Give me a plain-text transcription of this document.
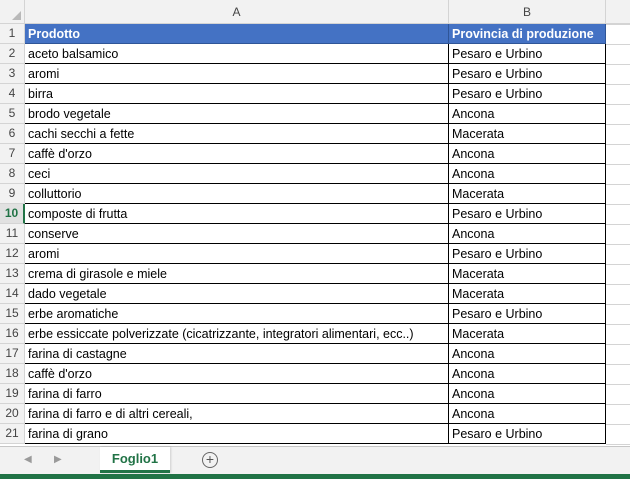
A	B
1	Prodotto	Provincia di produzione
2	aceto balsamico	Pesaro e Urbino
3	aromi	Pesaro e Urbino
4	birra	Pesaro e Urbino
5	brodo vegetale	Ancona
6	cachi secchi a fette	Macerata
7	caffè d'orzo	Ancona
8	ceci	Ancona
9	colluttorio	Macerata
10 composte di frutta	Pesaro e Urbino
11 conserve	Ancona
12 aromi	Pesaro e Urbino
13 crema di girasole e miele	Macerata
14 dado vegetale	Macerata
15 erbe aromatiche	Pesaro e Urbino
16 erbe essiccate polverizzate (cicatrizzante, integratori alimentari, ecc..)	Macerata
17 farina di castagne	Ancona
18 caffè d'orzo	Ancona
19 farina di farro	Ancona
20 farina di farro e di altri cereali,	Ancona
21 farina di grano	Pesaro e Urbino
◀ ▶	Foglio1	+
